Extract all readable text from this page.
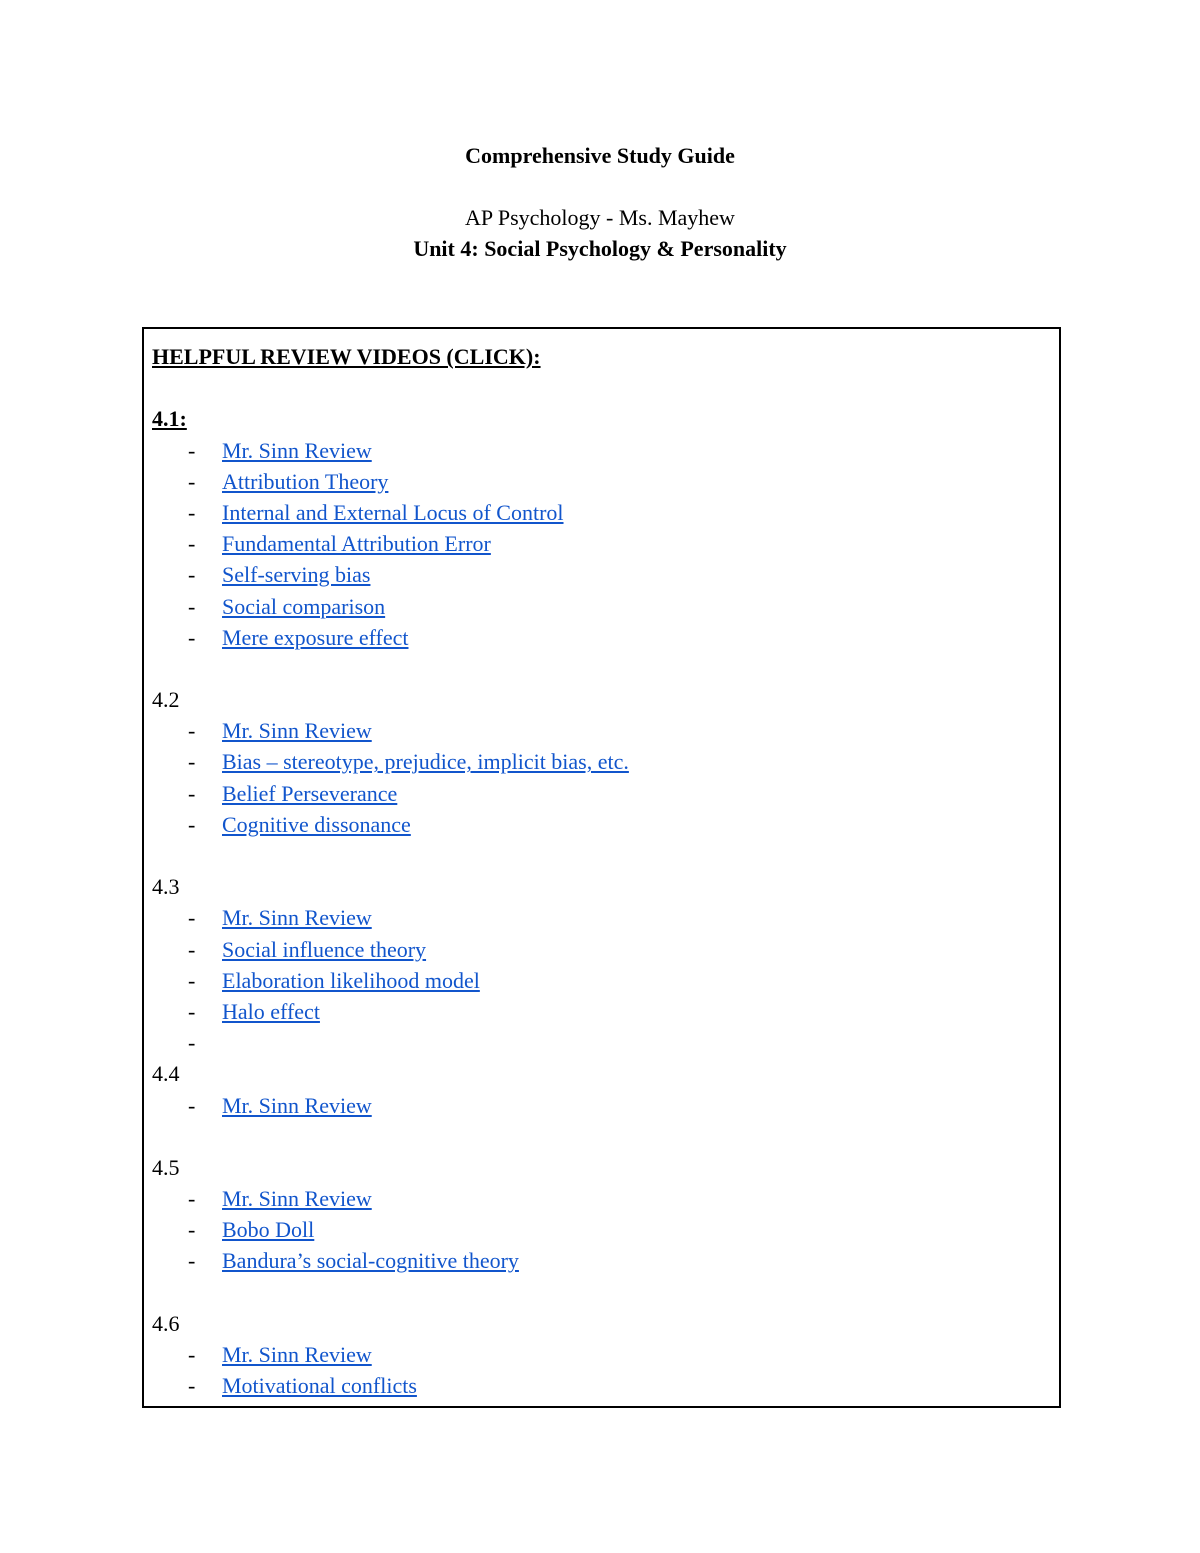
Comprehensive Study Guide
AP Psychology - Ms. Mayhew
Unit 4: Social Psychology & Personality
HELPFUL REVIEW VIDEOS (CLICK):
4.1:
- Mr. Sinn Review
- Attribution Theory
- Internal and External Locus of Control
- Fundamental Attribution Error
- Self-serving bias
- Social comparison
- Mere exposure effect
4.2
- Mr. Sinn Review
- Bias – stereotype, prejudice, implicit bias, etc.
- Belief Perseverance
- Cognitive dissonance
4.3
- Mr. Sinn Review
- Social influence theory
- Elaboration likelihood model
- Halo effect
-
4.4
- Mr. Sinn Review
4.5
- Mr. Sinn Review
- Bobo Doll
- Bandura’s social-cognitive theory
4.6
- Mr. Sinn Review
- Motivational conflicts
